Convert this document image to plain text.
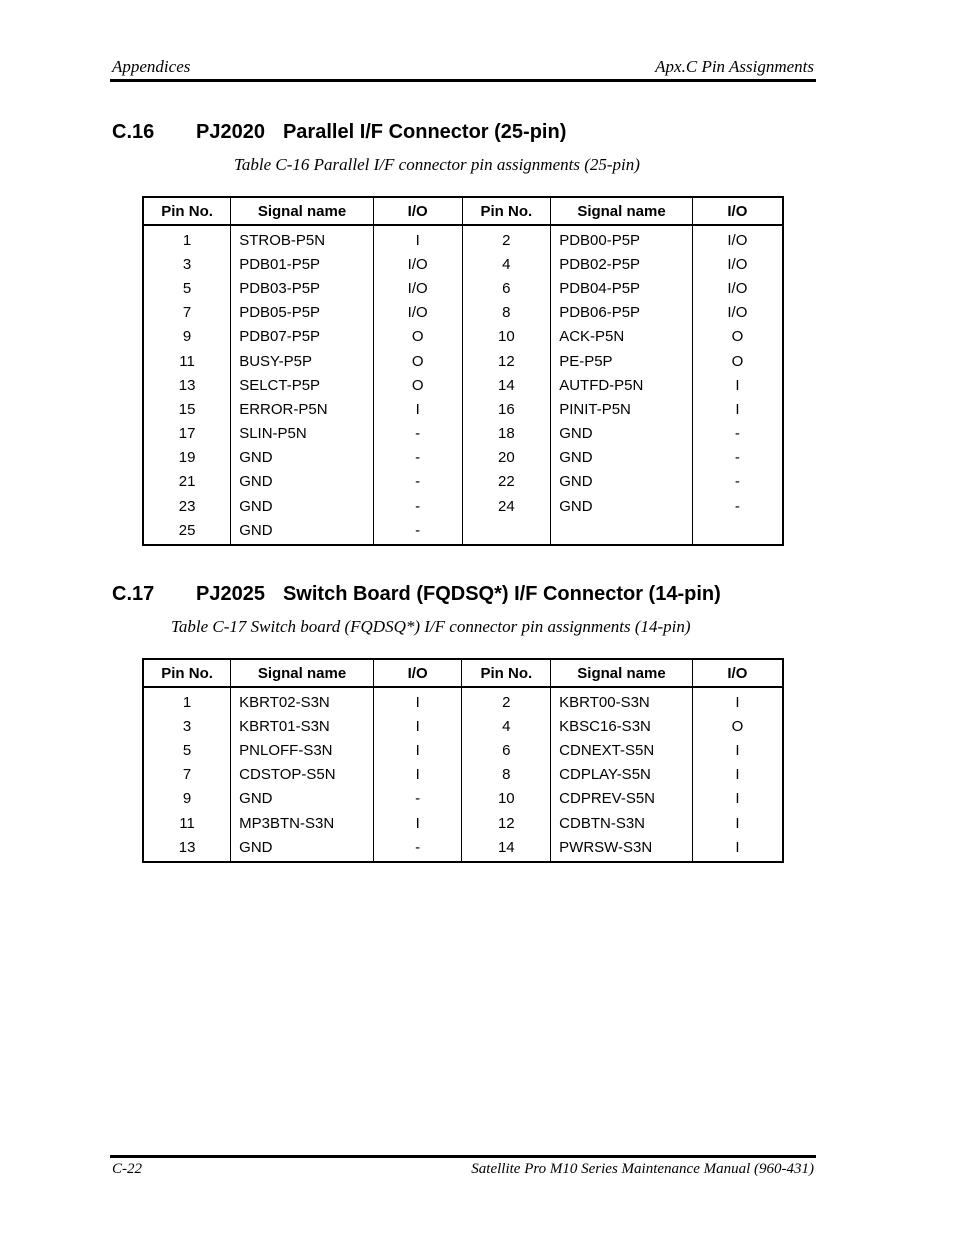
Appendices	Apx.C Pin Assignments
C.16 PJ2020 Parallel I/F Connector (25-pin)
Table C-16 Parallel I/F connector pin assignments (25-pin)
Pin No.	Signal name	I/O	Pin No.	Signal name	I/O
1	STROB-P5N	I	2	PDB00-P5P	I/O
3	PDB01-P5P	I/O	4	PDB02-P5P	I/O
5	PDB03-P5P	I/O	6	PDB04-P5P	I/O
7	PDB05-P5P	I/O	8	PDB06-P5P	I/O
9	PDB07-P5P	O	10	ACK-P5N	O
11	BUSY-P5P	O	12	PE-P5P	O
13	SELCT-P5P	O	14	AUTFD-P5N	I
15	ERROR-P5N	I	16	PINIT-P5N	I
17	SLIN-P5N	-	18	GND	-
19	GND	-	20	GND	-
21	GND	-	22	GND	-
23	GND	-	24	GND	-
25	GND	-			
C.17 PJ2025 Switch Board (FQDSQ*) I/F Connector (14-pin)
Table C-17 Switch board (FQDSQ*) I/F connector pin assignments (14-pin)
Pin No.	Signal name	I/O	Pin No.	Signal name	I/O
1	KBRT02-S3N	I	2	KBRT00-S3N	I
3	KBRT01-S3N	I	4	KBSC16-S3N	O
5	PNLOFF-S3N	I	6	CDNEXT-S5N	I
7	CDSTOP-S5N	I	8	CDPLAY-S5N	I
9	GND	-	10	CDPREV-S5N	I
11	MP3BTN-S3N	I	12	CDBTN-S3N	I
13	GND	-	14	PWRSW-S3N	I
C-22	Satellite Pro M10 Series Maintenance Manual (960-431)
